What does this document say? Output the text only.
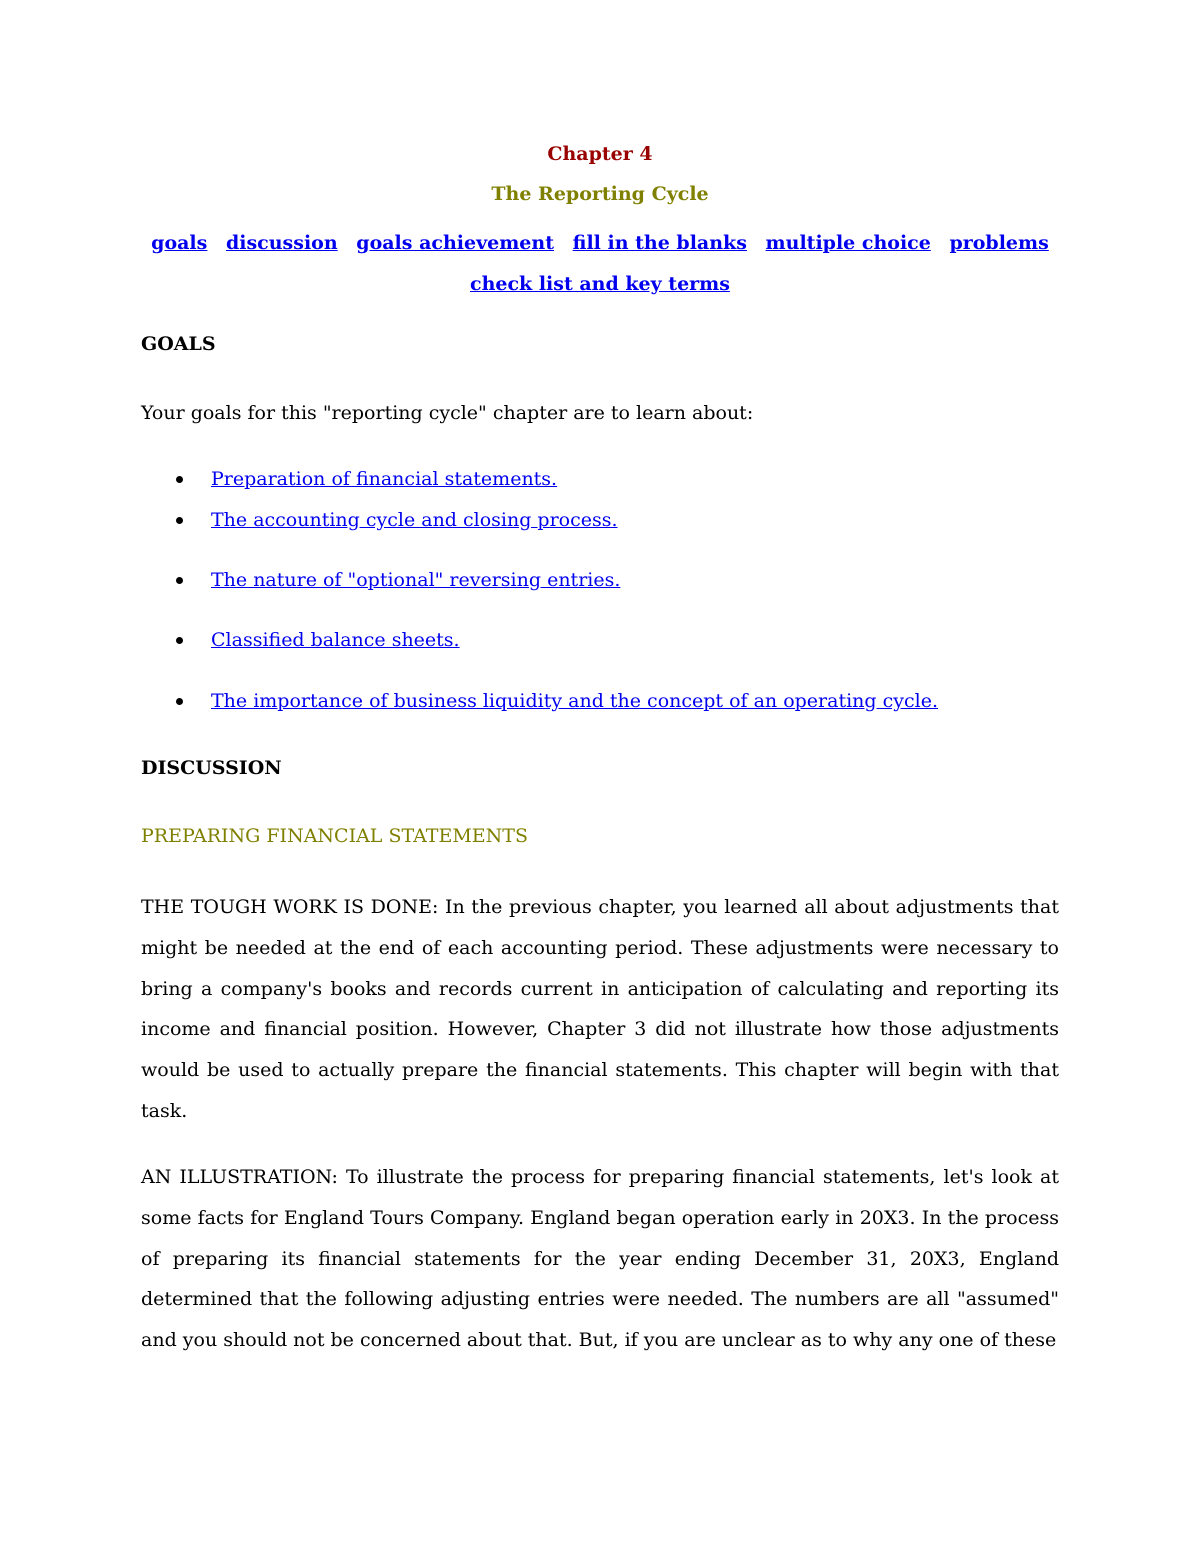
Chapter 4
The Reporting Cycle
goals discussion goals achievement fill in the blanks multiple choice problems check list and key terms
GOALS
Your goals for this "reporting cycle" chapter are to learn about:
Preparation of financial statements.
The accounting cycle and closing process.
The nature of "optional" reversing entries.
Classified balance sheets.
The importance of business liquidity and the concept of an operating cycle.
DISCUSSION
PREPARING FINANCIAL STATEMENTS
THE TOUGH WORK IS DONE: In the previous chapter, you learned all about adjustments that might be needed at the end of each accounting period. These adjustments were necessary to bring a company's books and records current in anticipation of calculating and reporting its income and financial position. However, Chapter 3 did not illustrate how those adjustments would be used to actually prepare the financial statements. This chapter will begin with that task.
AN ILLUSTRATION: To illustrate the process for preparing financial statements, let's look at some facts for England Tours Company. England began operation early in 20X3. In the process of preparing its financial statements for the year ending December 31, 20X3, England determined that the following adjusting entries were needed. The numbers are all "assumed" and you should not be concerned about that. But, if you are unclear as to why any one of these
